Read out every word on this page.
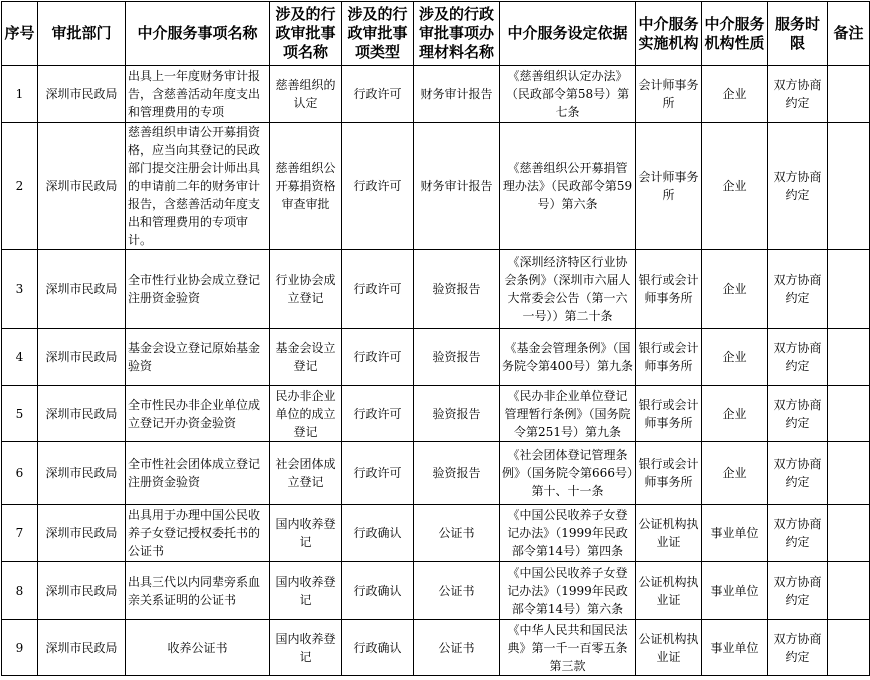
序号	审批部门	中介服务事项名称	涉及的行政审批事项名称	涉及的行政审批事项类型	涉及的行政审批事项办理材料名称	中介服务设定依据	中介服务实施机构	中介服务机构性质	服务时限	备注
1	深圳市民政局	出具上一年度财务审计报告，含慈善活动年度支出和管理费用的专项	慈善组织的认定	行政许可	财务审计报告	《慈善组织认定办法》（民政部令第58号）第七条	会计师事务所	企业	双方协商约定	
2	深圳市民政局	慈善组织申请公开募捐资格，应当向其登记的民政部门提交注册会计师出具的申请前二年的财务审计报告，含慈善活动年度支出和管理费用的专项审计。	慈善组织公开募捐资格审查审批	行政许可	财务审计报告	《慈善组织公开募捐管理办法》（民政部令第59号）第六条	会计师事务所	企业	双方协商约定	
3	深圳市民政局	全市性行业协会成立登记注册资金验资	行业协会成立登记	行政许可	验资报告	《深圳经济特区行业协会条例》（深圳市六届人大常委会公告（第一六一号））第二十条	银行或会计师事务所	企业	双方协商约定	
4	深圳市民政局	基金会设立登记原始基金验资	基金会设立登记	行政许可	验资报告	《基金会管理条例》（国务院令第400号）第九条	银行或会计师事务所	企业	双方协商约定	
5	深圳市民政局	全市性民办非企业单位成立登记开办资金验资	民办非企业单位的成立登记	行政许可	验资报告	《民办非企业单位登记管理暂行条例》（国务院令第251号）第九条	银行或会计师事务所	企业	双方协商约定	
6	深圳市民政局	全市性社会团体成立登记注册资金验资	社会团体成立登记	行政许可	验资报告	《社会团体登记管理条例》（国务院令第666号）第十、十一条	银行或会计师事务所	企业	双方协商约定	
7	深圳市民政局	出具用于办理中国公民收养子女登记授权委托书的公证书	国内收养登记	行政确认	公证书	《中国公民收养子女登记办法》（1999年民政部令第14号）第四条	公证机构执业证	事业单位	双方协商约定	
8	深圳市民政局	出具三代以内同辈旁系血亲关系证明的公证书	国内收养登记	行政确认	公证书	《中国公民收养子女登记办法》（1999年民政部令第14号）第六条	公证机构执业证	事业单位	双方协商约定	
9	深圳市民政局	收养公证书	国内收养登记	行政确认	公证书	《中华人民共和国民法典》第一千一百零五条第三款	公证机构执业证	事业单位	双方协商约定	
